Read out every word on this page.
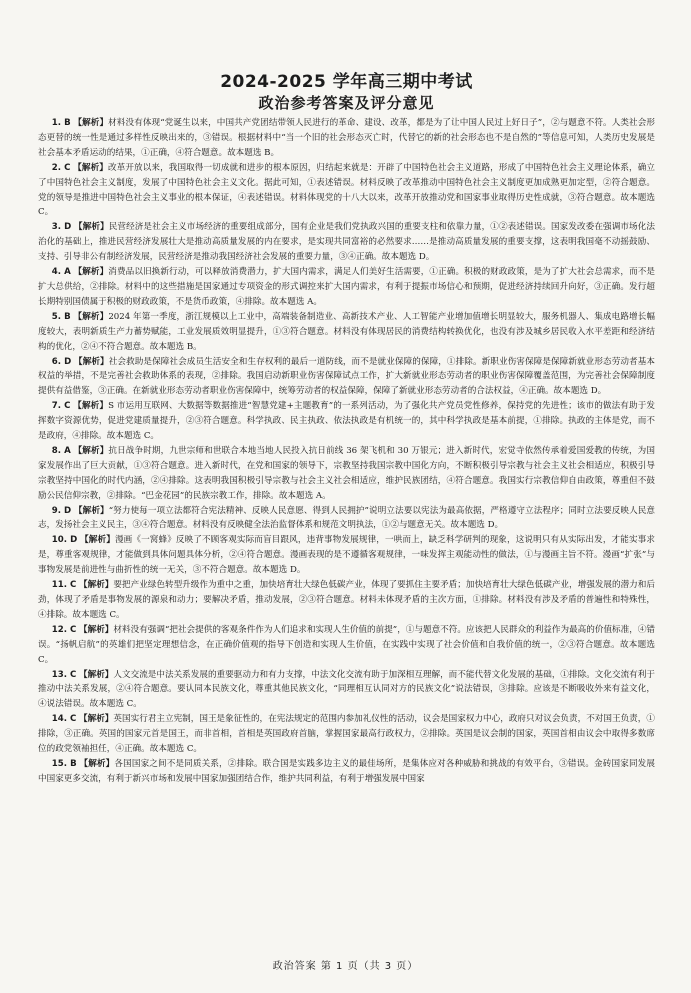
2024-2025 学年高三期中考试
政治参考答案及评分意见

1. B 【解析】材料没有体现“党诞生以来，中国共产党团结带领人民进行的革命、建设、改革，都是为了让中国人民过上好日子”，②与题意不符。人类社会形态更替的统一性是通过多样性反映出来的，③错误。根据材料中“当一个旧的社会形态灭亡时，代替它的新的社会形态也不是自然的”等信息可知，人类历史发展是社会基本矛盾运动的结果，①正确，④符合题意。故本题选 B。

2. C 【解析】改革开放以来，我国取得一切成就和进步的根本原因，归结起来就是：开辟了中国特色社会主义道路，形成了中国特色社会主义理论体系，确立了中国特色社会主义制度，发展了中国特色社会主义文化。据此可知，①表述错误。材料反映了改革推动中国特色社会主义制度更加成熟更加定型，②符合题意。党的领导是推进中国特色社会主义事业的根本保证，④表述错误。材料体现党的十八大以来，改革开放推动党和国家事业取得历史性成就，③符合题意。故本题选 C。

3. D 【解析】民营经济是社会主义市场经济的重要组成部分，国有企业是我们党执政兴国的重要支柱和依靠力量，①②表述错误。国家发改委在强调市场化法治化的基础上，推进民营经济发展壮大是推动高质量发展的内在要求，是实现共同富裕的必然要求……是推动高质量发展的重要支撑，这表明我国毫不动摇鼓励、支持、引导非公有制经济发展，民营经济是推动我国经济社会发展的重要力量，③④正确。故本题选 D。

4. A 【解析】消费品以旧换新行动，可以释放消费潜力，扩大国内需求，满足人们美好生活需要，①正确。积极的财政政策，是为了扩大社会总需求，而不是扩大总供给，②排除。材料中的这些措施是国家通过专项资金的形式调控来扩大国内需求，有利于提振市场信心和预期，促进经济持续回升向好，③正确。发行超长期特别国债属于积极的财政政策，不是货币政策，④排除。故本题选 A。

5. B 【解析】2024 年第一季度，浙江规模以上工业中，高端装备制造业、高新技术产业、人工智能产业增加值增长明显较大，服务机器人、集成电路增长幅度较大，表明新质生产力蓄势赋能，工业发展质效明显提升，①③符合题意。材料没有体现居民的消费结构转换优化，也没有涉及城乡居民收入水平差距和经济结构的优化，②④不符合题意。故本题选 B。

6. D 【解析】社会救助是保障社会成员生活安全和生存权利的最后一道防线，而不是就业保障的保障，①排除。新职业伤害保障是保障新就业形态劳动者基本权益的举措，不是完善社会救助体系的表现，②排除。我国启动新职业伤害保障试点工作，扩大新就业形态劳动者的职业伤害保障覆盖范围，为完善社会保障制度提供有益借鉴，③正确。在新就业形态劳动者职业伤害保障中，统筹劳动者的权益保障，保障了新就业形态劳动者的合法权益，④正确。故本题选 D。

7. C 【解析】S 市运用互联网、大数据等数据推进“智慧党建+主题教育”的一系列活动，为了强化共产党员党性修养，保持党的先进性；该市的做法有助于发挥数字资源优势，促进党建质量提升，②③符合题意。科学执政、民主执政、依法执政是有机统一的，其中科学执政是基本前提，①排除。执政的主体是党，而不是政府，④排除。故本题选 C。

8. A 【解析】抗日战争时期，九世宗师和世联合本地当地人民投入抗日前线 36 架飞机和 30 万银元；进入新时代，宏觉寺依然传承着爱国爱教的传统，为国家发展作出了巨大贡献，①③符合题意。进入新时代，在党和国家的领导下，宗教坚持我国宗教中国化方向，不断积极引导宗教与社会主义社会相适应，积极引导宗教坚持中国化的时代内涵，②④排除。这表明我国积极引导宗教与社会主义社会相适应，维护民族团结，④符合题意。我国实行宗教信仰自由政策，尊重但不鼓励公民信仰宗教，②排除。“巴金花园”的民族宗教工作，排除。故本题选 A。

9. D 【解析】“努力使每一项立法都符合宪法精神、反映人民意愿、得到人民拥护”说明立法要以宪法为最高依据，严格遵守立法程序；同时立法要反映人民意志，发扬社会主义民主，③④符合题意。材料没有反映健全法治监督体系和规范文明执法，①②与题意无关。故本题选 D。

10. D 【解析】漫画《一窝蜂》反映了不顾客观实际而盲目跟风，违背事物发展规律，一哄而上，缺乏科学研判的现象，这说明只有从实际出发，才能实事求是，尊重客观规律，才能做到具体问题具体分析，②④符合题意。漫画表现的是不遵循客观规律，一味发挥主观能动性的做法，①与漫画主旨不符。漫画“扩张”与事物发展是前进性与曲折性的统一无关，③不符合题意。故本题选 D。

11. C 【解析】要把产业绿色转型升级作为重中之重，加快培育壮大绿色低碳产业，体现了要抓住主要矛盾；加快培育壮大绿色低碳产业，增强发展的潜力和后劲，体现了矛盾是事物发展的源泉和动力；要解决矛盾，推动发展，②③符合题意。材料未体现矛盾的主次方面，①排除。材料没有涉及矛盾的普遍性和特殊性，④排除。故本题选 C。

12. C 【解析】材料没有强调“把社会提供的客观条件作为人们追求和实现人生价值的前提”，①与题意不符。应该把人民群众的利益作为最高的价值标准，④错误。“扬帆启航”的英雄们把坚定理想信念，在正确价值观的指导下创造和实现人生价值，在实践中实现了社会价值和自我价值的统一，②③符合题意。故本题选 C。

13. C 【解析】人文交流是中法关系发展的重要驱动力和有力支撑，中法文化交流有助于加深相互理解，而不能代替文化发展的基础，①排除。文化交流有利于推动中法关系发展，②④符合题意。要认同本民族文化，尊重其他民族文化，“同理相互认同对方的民族文化”说法错误，③排除。应该是不断吸收外来有益文化，④说法错误。故本题选 C。

14. C 【解析】英国实行君主立宪制，国王是象征性的，在宪法规定的范围内参加礼仪性的活动，议会是国家权力中心，政府只对议会负责，不对国王负责，①排除，③正确。英国的国家元首是国王，而非首相，首相是英国政府首脑，掌握国家最高行政权力，②排除。英国是议会制的国家，英国首相由议会中取得多数席位的政党领袖担任，④正确。故本题选 C。

15. B 【解析】各国国家之间不是同质关系，②排除。联合国是实践多边主义的最佳场所，是集体应对各种威胁和挑战的有效平台，③错误。金砖国家同发展中国家更多交流，有利于新兴市场和发展中国家加强团结合作，维护共同利益，有利于增强发展中国家

政治答案 第 1 页（共 3 页）
